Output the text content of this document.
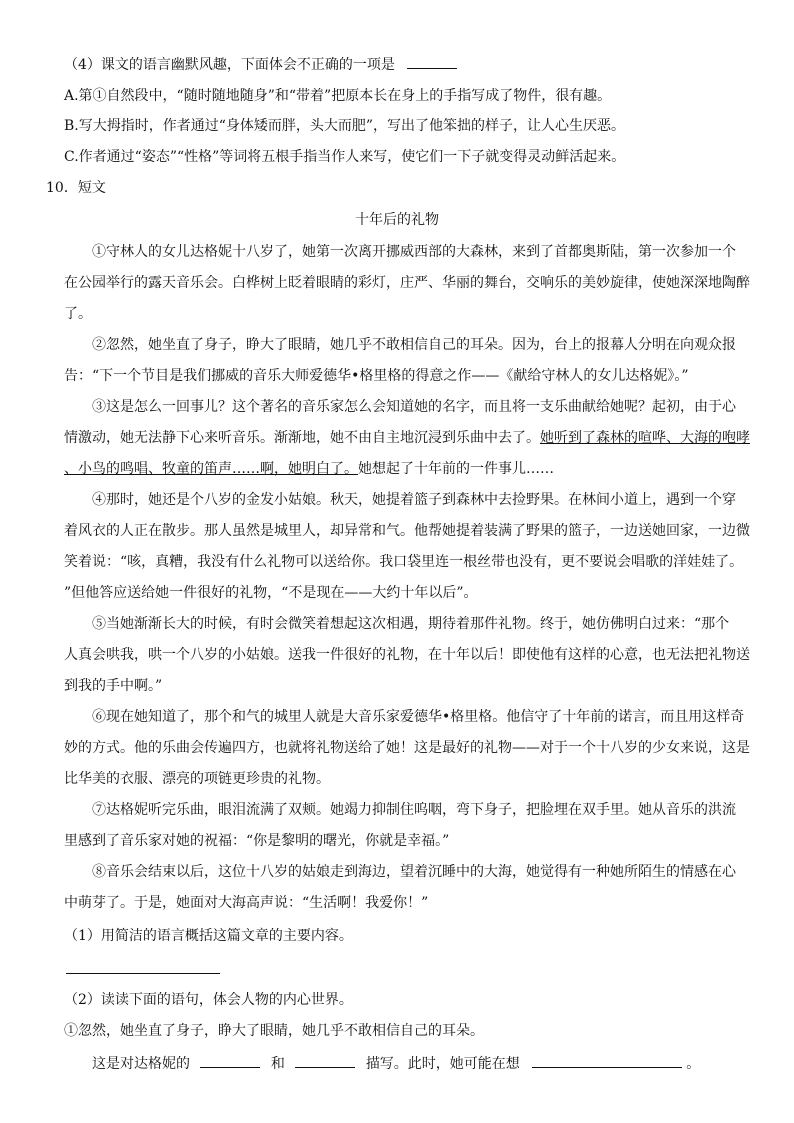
（4）课文的语言幽默风趣，下面体会不正确的一项是
A.第①自然段中，“随时随地随身”和“带着”把原本长在身上的手指写成了物件，很有趣。
B.写大拇指时，作者通过“身体矮而胖，头大而肥”，写出了他笨拙的样子，让人心生厌恶。
C.作者通过“姿态”“性格”等词将五根手指当作人来写，使它们一下子就变得灵动鲜活起来。
10．短文
十年后的礼物
①守林人的女儿达格妮十八岁了，她第一次离开挪威西部的大森林，来到了首都奥斯陆，第一次参加一个
在公园举行的露天音乐会。白桦树上眨着眼睛的彩灯，庄严、华丽的舞台，交响乐的美妙旋律，使她深深地陶醉
了。
②忽然，她坐直了身子，睁大了眼睛，她几乎不敢相信自己的耳朵。因为，台上的报幕人分明在向观众报
告：“下一个节目是我们挪威的音乐大师爱德华•格里格的得意之作——《献给守林人的女儿达格妮》。”
③这是怎么一回事儿？这个著名的音乐家怎么会知道她的名字，而且将一支乐曲献给她呢？起初，由于心
情激动，她无法静下心来听音乐。渐渐地，她不由自主地沉浸到乐曲中去了。她听到了森林的喧哗、大海的咆哮
、小鸟的鸣唱、牧童的笛声……啊，她明白了。她想起了十年前的一件事儿……
④那时，她还是个八岁的金发小姑娘。秋天，她提着篮子到森林中去捡野果。在林间小道上，遇到一个穿
着风衣的人正在散步。那人虽然是城里人，却异常和气。他帮她提着装满了野果的篮子，一边送她回家，一边微
笑着说：“咳，真糟，我没有什么礼物可以送给你。我口袋里连一根丝带也没有，更不要说会唱歌的洋娃娃了。
”但他答应送给她一件很好的礼物，“不是现在——大约十年以后”。
⑤当她渐渐长大的时候，有时会微笑着想起这次相遇，期待着那件礼物。终于，她仿佛明白过来：“那个
人真会哄我，哄一个八岁的小姑娘。送我一件很好的礼物，在十年以后！即使他有这样的心意，也无法把礼物送
到我的手中啊。”
⑥现在她知道了，那个和气的城里人就是大音乐家爱德华•格里格。他信守了十年前的诺言，而且用这样奇
妙的方式。他的乐曲会传遍四方，也就将礼物送给了她！这是最好的礼物——对于一个十八岁的少女来说，这是
比华美的衣服、漂亮的项链更珍贵的礼物。
⑦达格妮听完乐曲，眼泪流满了双颊。她竭力抑制住呜咽，弯下身子，把脸埋在双手里。她从音乐的洪流
里感到了音乐家对她的祝福：“你是黎明的曙光，你就是幸福。”
⑧音乐会结束以后，这位十八岁的姑娘走到海边，望着沉睡中的大海，她觉得有一种她所陌生的情感在心
中萌芽了。于是，她面对大海高声说：“生活啊！我爱你！”
（1）用简洁的语言概括这篇文章的主要内容。
（2）读读下面的语句，体会人物的内心世界。
①忽然，她坐直了身子，睁大了眼睛，她几乎不敢相信自己的耳朵。
这是对达格妮的	和	描写。此时，她可能在想	。
